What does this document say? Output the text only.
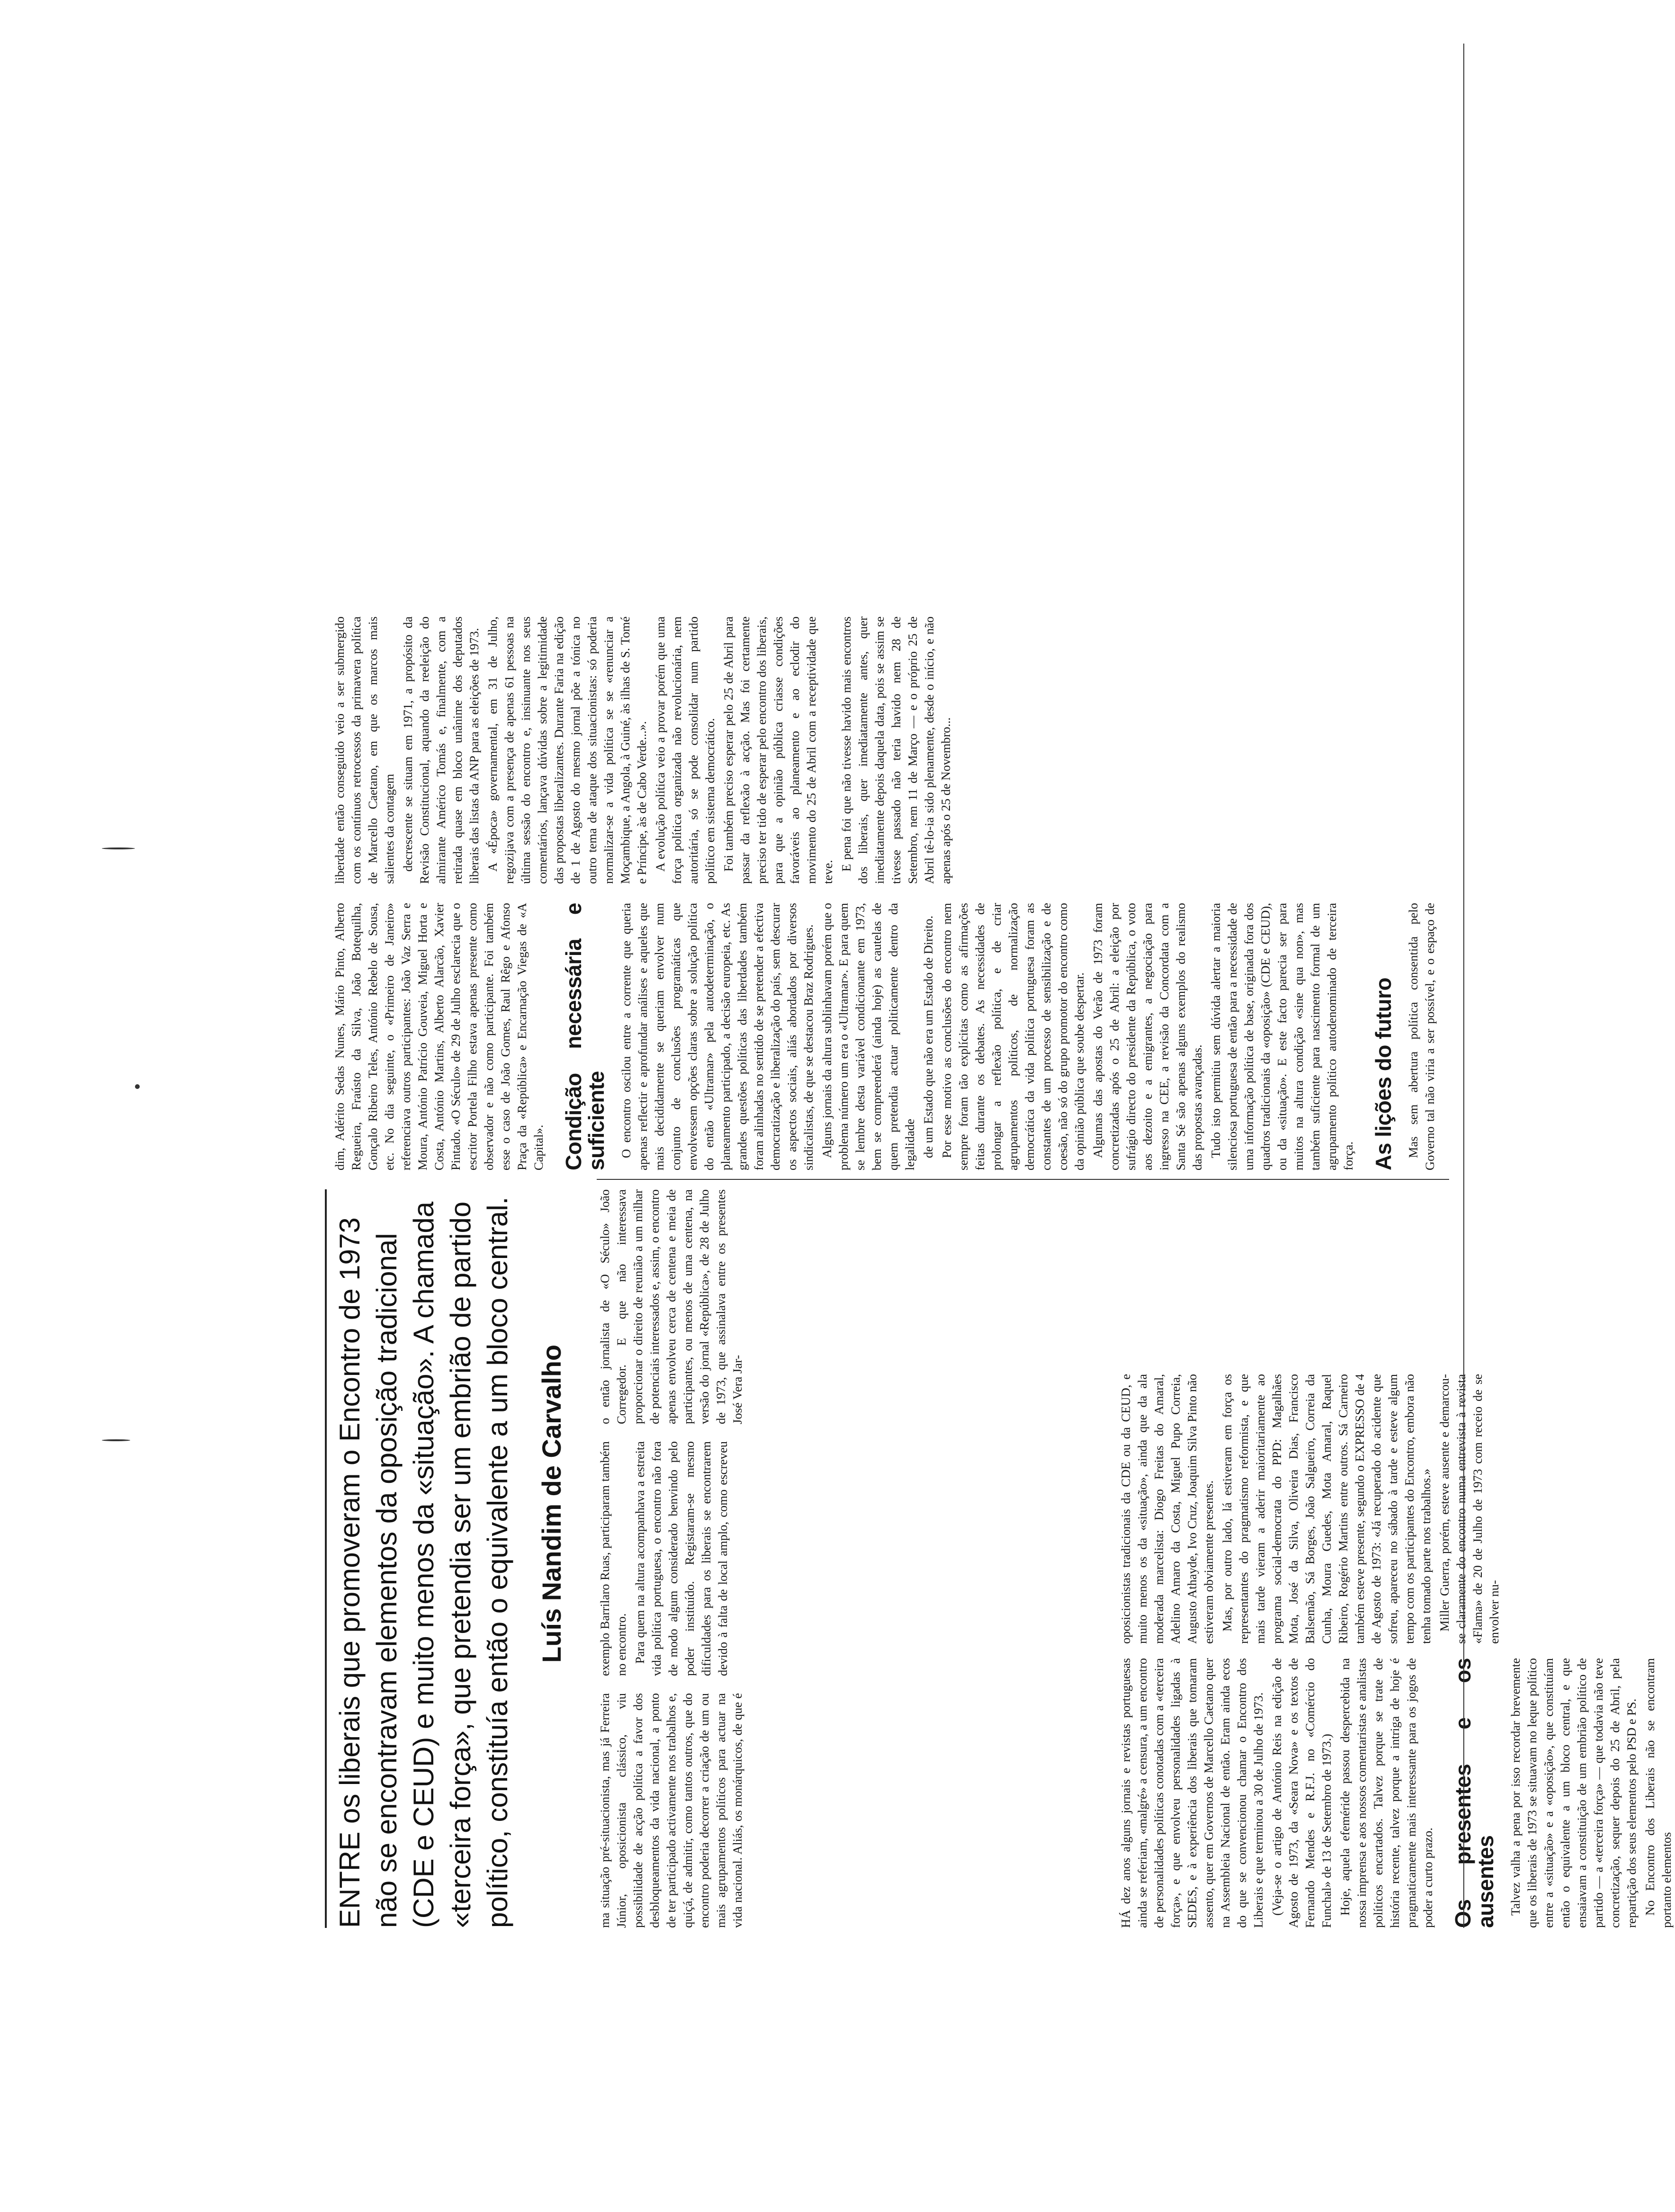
ENTRE os liberais que promoveram o Encontro de 1973 não se encontravam elementos da oposição tradicional (CDE e CEUD) e muito menos da «situação». A chamada «terceira força», que pretendia ser um embrião de partido político, constituía então o equivalente a um bloco central. Luís Nandim de Carvalho

HÁ dez anos alguns jornais e revistas portuguesas ainda se referiam, «malgré» a censura, a um encontro de personalidades políticas conotadas com a «terceira força», e que envolveu personalidades ligadas à SEDES, e à experiência dos liberais que tomaram assento, quer em Governos de Marcello Caetano quer na Assembleia Nacional de então. Eram ainda ecos do que se convencionou chamar o Encontro dos Liberais e que terminou a 30 de Julho de 1973. (Veja-se o artigo de António Reis na edição de Agosto de 1973, da «Seara Nova» e os textos de Fernando Mendes e R.F.J. no «Comércio do Funchal» de 13 de Setembro de 1973.) Hoje, aquela efeméride passou despercebida na nossa imprensa e aos nossos comentaristas e analistas políticos encartados. Talvez porque se trate de história recente, talvez porque a intriga de hoje é pragmaticamente mais interessante para os jogos de poder a curto prazo. Os presentes e os ausentes Talvez valha a pena por isso recordar brevemente que os liberais de 1973 se situavam no leque político entre a «situação» e a «oposição», que constituíam então o equivalente a um bloco central, e que ensaiavam a constituição de um embrião político de partido — a «terceira força» — que todavia não teve concretização, sequer depois do 25 de Abril, pela repartição dos seus elementos pelo PSD e PS. No Encontro dos Liberais não se encontram portanto elementos

oposicionistas tradicionais da CDE ou da CEUD, e muito menos os da «situação», ainda que da ala moderada marcelista: Diogo Freitas do Amaral, Adelino Amaro da Costa, Miguel Pupo Correia, Augusto Athayde, Ivo Cruz, Joaquim Silva Pinto não estiveram obviamente presentes. Mas, por outro lado, lá estiveram em força os representantes do pragmatismo reformista, e que mais tarde vieram a aderir maioritariamente ao programa social-democrata do PPD: Magalhães Mota, José da Silva, Oliveira Dias, Francisco Balsemão, Sá Borges, João Salgueiro, Correia da Cunha, Moura Guedes, Mota Amaral, Raquel Ribeiro, Rogério Martins entre outros. Sá Carneiro também esteve presente, segundo o EXPRESSO de 4 de Agosto de 1973: «Já recuperado do acidente que sofreu, apareceu no sábado à tarde e esteve algum tempo com os participantes do Encontro, embora não tenha tomado parte nos trabalhos.» Miller Guerra, porém, esteve ausente e demarcou-se claramente do encontro numa entrevista à revista «Flama» de 20 de Julho de 1973 com receio de se envolver nu-

ma situação pré-situacionista, mas já Ferreira Júnior, oposicionista clássico, viu possibilidade de acção política a favor dos desbloqueamentos da vida nacional, a ponto de ter participado activamente nos trabalhos e, quiçá, de admitir, como tantos outros, que do encontro poderia decorrer a criação de um ou mais agrupamentos políticos para actuar na vida nacional. Aliás, os monárquicos, de que é exemplo Barrilaro Ruas, participaram também no encontro. Para quem na altura acompanhava a estreita vida política portuguesa, o encontro não fora de modo algum considerado benvindo pelo poder instituído. Registaram-se mesmo dificuldades para os liberais se encontrarem devido à falta de local amplo, como escreveu o então jornalista de «O Século» João Corregedor. E que não interessava proporcionar o direito de reunião a um milhar de potenciais interessados e, assim, o encontro apenas envolveu cerca de centena e meia de participantes, ou menos de uma centena, na versão do jornal «República», de 28 de Julho de 1973, que assinalava entre os presentes José Vera Jar-

dim, Adérito Sedas Nunes, Mário Pinto, Alberto Regueira, Fraústo da Silva, João Botequilha, Gonçalo Ribeiro Teles, António Rebelo de Sousa, etc. No dia seguinte, o «Primeiro de Janeiro» referenciava outros participantes: João Vaz Serra e Moura, António Patrício Gouveia, Miguel Horta e Costa, António Martins, Alberto Alarcão, Xavier Pintado. «O Século» de 29 de Julho esclarecia que o escritor Portela Filho estava apenas presente como observador e não como participante. Foi também esse o caso de João Gomes, Raul Rêgo e Afonso Praça da «República» e Encarnação Viegas de «A Capital». Condição necessária e suficiente O encontro oscilou entre a corrente que queria apenas reflectir e aprofundar análises e aqueles que mais decididamente se queriam envolver num conjunto de conclusões programáticas que envolvessem opções claras sobre a solução política do então «Ultramar» pela autodeterminação, o planeamento participado, a decisão europeia, etc. As grandes questões políticas das liberdades também foram alinhadas no sentido de se pretender a efectiva democratização e liberalização do país, sem descurar os aspectos sociais, aliás abordados por diversos sindicalistas, de que se destacou Braz Rodrigues. Alguns jornais da altura sublinhavam porém que o problema número um era o «Ultramar». E para quem se lembre desta variável condicionante em 1973, bem se compreenderá (ainda hoje) as cautelas de quem pretendia actuar politicamente dentro da legalidade de um Estado que não era um Estado de Direito. Por esse motivo as conclusões do encontro nem sempre foram tão explícitas como as afirmações feitas durante os debates. As necessidades de prolongar a reflexão política, e de criar agrupamentos políticos, de normalização democrática da vida política portuguesa foram as constantes de um processo de sensibilização e de coesão, não só do grupo promotor do encontro como da opinião pública que soube despertar. Algumas das apostas do Verão de 1973 foram concretizadas após o 25 de Abril: a eleição por sufrágio directo do presidente da República, o voto aos dezoito e a emigrantes, a negociação para ingresso na CEE, a revisão da Concordata com a Santa Sé são apenas alguns exemplos do realismo das propostas avançadas. Tudo isto permitiu sem dúvida alertar a maioria silenciosa portuguesa de então para a necessidade de uma informação política de base, originada fora dos quadros tradicionais da «oposição» (CDE e CEUD), ou da «situação». E este facto parecia ser para muitos na altura condição «sine qua non», mas também suficiente para nascimento formal de um agrupamento político autodenominado de terceira força. As lições do futuro Mas sem abertura política consentida pelo Governo tal não viria a ser possível, e o espaço de liberdade então conseguido veio a ser submergido com os contínuos retrocessos da primavera política de Marcello Caetano, em que os marcos mais salientes da contagem decrescente se situam em 1971, a propósito da Revisão Constitucional, aquando da reeleição do almirante Américo Tomás e, finalmente, com a retirada quase em bloco unânime dos deputados liberais das listas da ANP para as eleições de 1973. A «Época» governamental, em 31 de Julho, regozijava com a presença de apenas 61 pessoas na última sessão do encontro e, insinuante nos seus comentários, lançava dúvidas sobre a legitimidade das propostas liberalizantes. Durante Faria na edição de 1 de Agosto do mesmo jornal põe a tónica no outro tema de ataque dos situacionistas: só poderia normalizar-se a vida política se se «renunciar a Moçambique, a Angola, à Guiné, às ilhas de S. Tomé e Príncipe, às de Cabo Verde...». A evolução política veio a provar porém que uma força política organizada não revolucionária, nem autoritária, só se pode consolidar num partido político em sistema democrático. Foi também preciso esperar pelo 25 de Abril para passar da reflexão à acção. Mas foi certamente preciso ter tido de esperar pelo encontro dos liberais, para que a opinião pública criasse condições favoráveis ao planeamento e ao eclodir do movimento do 25 de Abril com a receptividade que teve.

E pena foi que não tivesse havido mais encontros dos liberais, quer imediatamente antes, quer imediatamente depois daquela data, pois se assim se tivesse passado não teria havido nem 28 de Setembro, nem 11 de Março — e o próprio 25 de Abril tê-lo-ia sido plenamente, desde o início, e não apenas após o 25 de Novembro...
